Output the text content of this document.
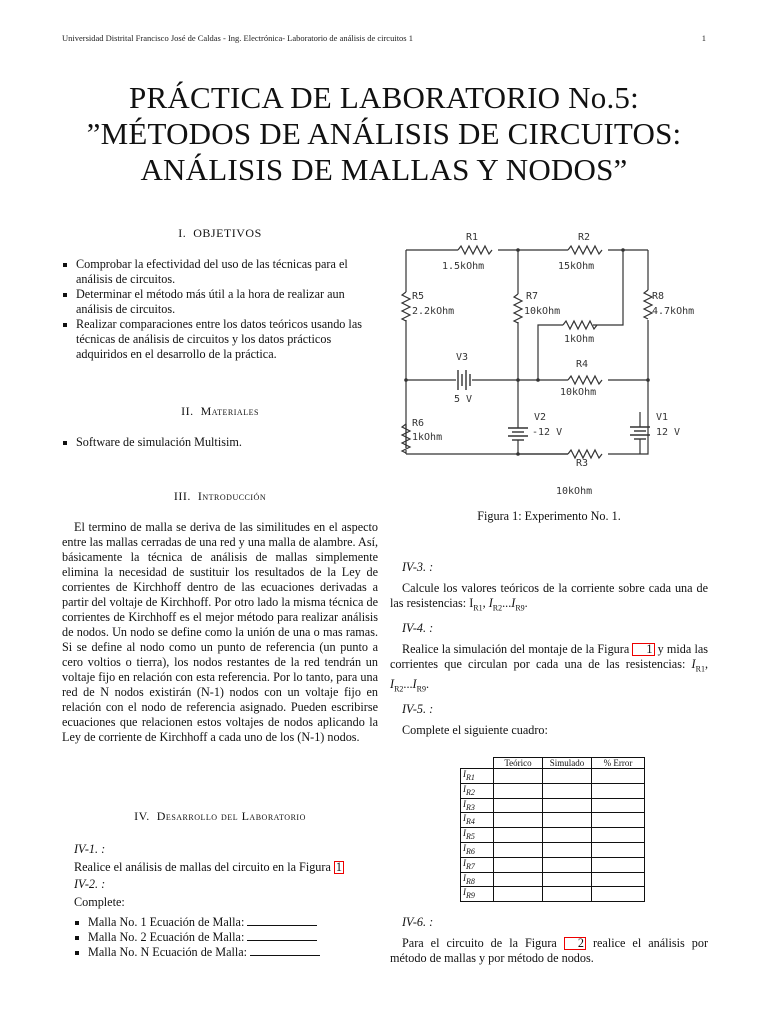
Universidad Distrital Francisco José de Caldas - Ing. Electrónica- Laboratorio de análisis de circuitos 1	1
PRÁCTICA DE LABORATORIO No.5:
”MÉTODOS DE ANÁLISIS DE CIRCUITOS:
ANÁLISIS DE MALLAS Y NODOS”
I. OBJETIVOS
Comprobar la efectividad del uso de las técnicas para el análisis de circuitos.
Determinar el método más útil a la hora de realizar aun análisis de circuitos.
Realizar comparaciones entre los datos teóricos usando las técnicas de análisis de circuitos y los datos prácticos adquiridos en el desarrollo de la práctica.
II. Materiales
Software de simulación Multisim.
III. Introducción
El termino de malla se deriva de las similitudes en el aspecto entre las mallas cerradas de una red y una malla de alambre. Así, básicamente la técnica de análisis de mallas simplemente elimina la necesidad de sustituir los resultados de la Ley de corrientes de Kirchhoff dentro de las ecuaciones derivadas a partir del voltaje de Kirchhoff. Por otro lado la misma técnica de corrientes de Kirchhoff es el mejor método para realizar análisis de nodos. Un nodo se define como la unión de una o mas ramas. Si se define al nodo como un punto de referencia (un punto a cero voltios o tierra), los nodos restantes de la red tendrán un voltaje fijo en relación con esta referencia. Por lo tanto, para una red de N nodos existirán (N-1) nodos con un voltaje fijo en relación con el nodo de referencia asignado. Pueden escribirse ecuaciones que relacionen estos voltajes de nodos aplicando la Ley de corriente de Kirchhoff a cada uno de los (N-1) nodos.
IV. Desarrollo del Laboratorio
IV-1. :
Realice el análisis de mallas del circuito en la Figura 1
IV-2. :
Complete:
Malla No. 1 Ecuación de Malla:
Malla No. 2 Ecuación de Malla:
Malla No. N Ecuación de Malla:
R1
1.5kOhm
R2
15kOhm
R5
2.2kOhm
R7
10kOhm
R8
4.7kOhm
1kOhm
V3
5 V
R4
10kOhm
R6
1kOhm
V2
-12 V
V1
12 V
R3
10kOhm
Figura 1: Experimento No. 1.
IV-3. :
Calcule los valores teóricos de la corriente sobre cada una de las resistencias: $I_{R1}$, $I_{R2}...I_{R9}$.
IV-4. :
Realice la simulación del montaje de la Figura 1 y mida las corrientes que circulan por cada una de las resistencias: $I_{R1}$, $I_{R2}...I_{R9}$.
IV-5. :
Complete el siguiente cuadro:
	Teórico	Simulado	% Error
$I_{R1}$			
$I_{R2}$			
$I_{R3}$			
$I_{R4}$			
$I_{R5}$			
$I_{R6}$			
$I_{R7}$			
$I_{R8}$			
$I_{R9}$			
IV-6. :
Para el circuito de la Figura 2 realice el análisis por método de mallas y por método de nodos.
